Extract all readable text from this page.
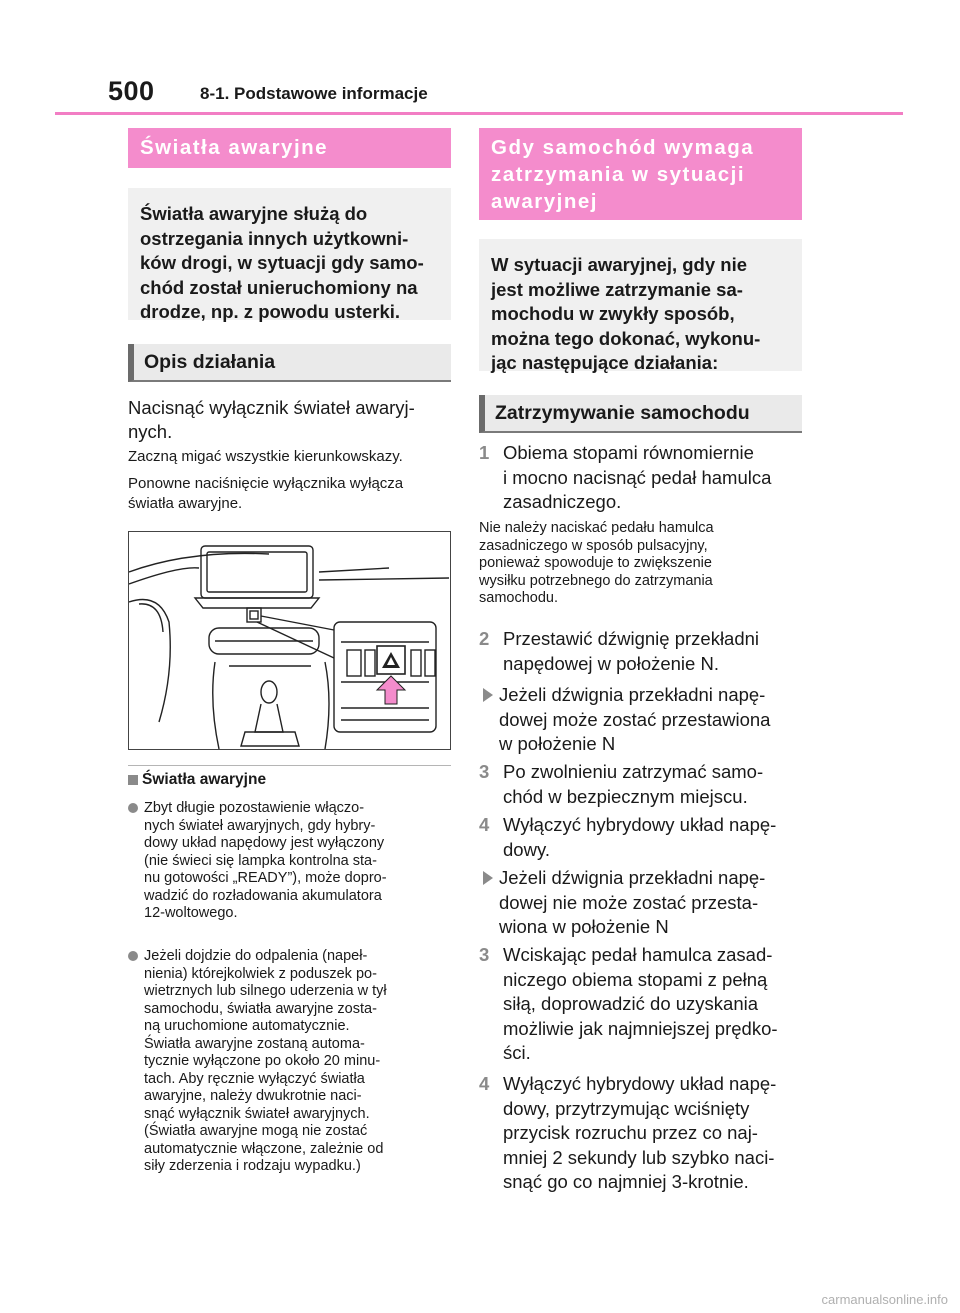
500	8-1. Podstawowe informacje
Światła awaryjne
Światła awaryjne służą do
ostrzegania innych użytkowni-
ków drogi, w sytuacji gdy samo-
chód został unieruchomiony na
drodze, np. z powodu usterki.
Opis działania
Nacisnąć wyłącznik świateł awaryj-
nych.
Zaczną migać wszystkie kierunkowskazy.
Ponowne naciśnięcie wyłącznika wyłącza
światła awaryjne.
Światła awaryjne
Zbyt długie pozostawienie włączo-
nych świateł awaryjnych, gdy hybry-
dowy układ napędowy jest wyłączony
(nie świeci się lampka kontrolna sta-
nu gotowości „READY”), może dopro-
wadzić do rozładowania akumulatora
12-woltowego.
Jeżeli dojdzie do odpalenia (napeł-
nienia) którejkolwiek z poduszek po-
wietrznych lub silnego uderzenia w tył
samochodu, światła awaryjne zosta-
ną uruchomione automatycznie.
Światła awaryjne zostaną automa-
tycznie wyłączone po około 20 minu-
tach. Aby ręcznie wyłączyć światła
awaryjne, należy dwukrotnie naci-
snąć wyłącznik świateł awaryjnych.
(Światła awaryjne mogą nie zostać
automatycznie włączone, zależnie od
siły zderzenia i rodzaju wypadku.)
Gdy samochód wymaga
zatrzymania w sytuacji
awaryjnej
W sytuacji awaryjnej, gdy nie
jest możliwe zatrzymanie sa-
mochodu w zwykły sposób,
można tego dokonać, wykonu-
jąc następujące działania:
Zatrzymywanie samochodu
1 Obiema stopami równomiernie
i mocno nacisnąć pedał hamulca
zasadniczego.
Nie należy naciskać pedału hamulca
zasadniczego w sposób pulsacyjny,
ponieważ spowoduje to zwiększenie
wysiłku potrzebnego do zatrzymania
samochodu.
2 Przestawić dźwignię przekładni
napędowej w położenie N.
Jeżeli dźwignia przekładni napę-
dowej może zostać przestawiona
w położenie N
3 Po zwolnieniu zatrzymać samo-
chód w bezpiecznym miejscu.
4 Wyłączyć hybrydowy układ napę-
dowy.
Jeżeli dźwignia przekładni napę-
dowej nie może zostać przesta-
wiona w położenie N
3 Wciskając pedał hamulca zasad-
niczego obiema stopami z pełną
siłą, doprowadzić do uzyskania
możliwie jak najmniejszej prędko-
ści.
4 Wyłączyć hybrydowy układ napę-
dowy, przytrzymując wciśnięty
przycisk rozruchu przez co naj-
mniej 2 sekundy lub szybko naci-
snąć go co najmniej 3-krotnie.
carmanualsonline.info
